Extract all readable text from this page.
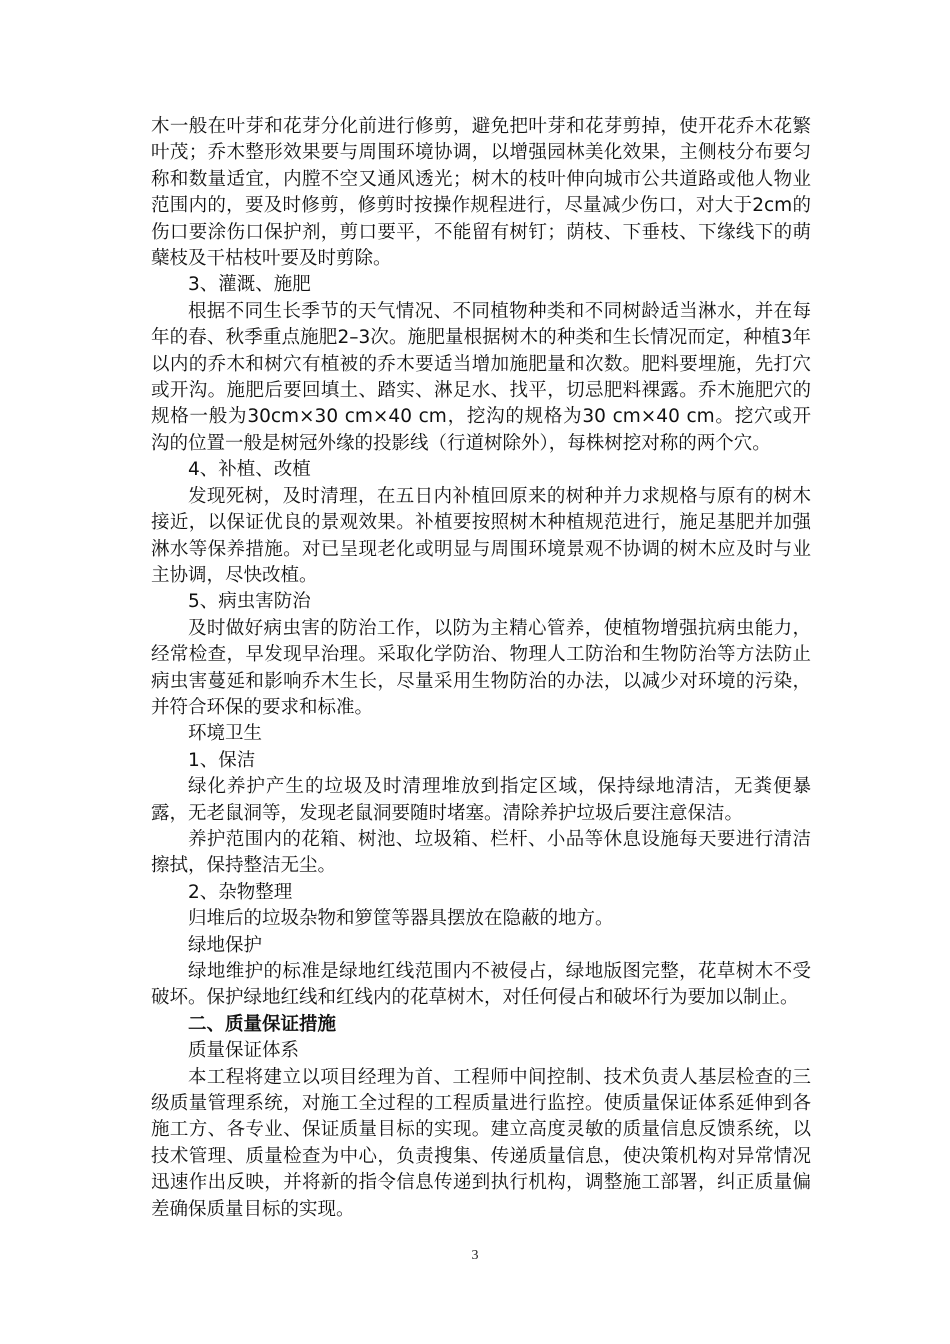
木一般在叶芽和花芽分化前进行修剪，避免把叶芽和花芽剪掉，使开花乔木花繁叶茂；乔木整形效果要与周围环境协调，以增强园林美化效果，主侧枝分布要匀称和数量适宜，内膛不空又通风透光；树木的枝叶伸向城市公共道路或他人物业范围内的，要及时修剪，修剪时按操作规程进行，尽量减少伤口，对大于2cm的伤口要涂伤口保护剂，剪口要平，不能留有树钉；荫枝、下垂枝、下缘线下的萌蘖枝及干枯枝叶要及时剪除。

3、灌溉、施肥

根据不同生长季节的天气情况、不同植物种类和不同树龄适当淋水，并在每年的春、秋季重点施肥2–3次。施肥量根据树木的种类和生长情况而定，种植3年以内的乔木和树穴有植被的乔木要适当增加施肥量和次数。肥料要埋施，先打穴或开沟。施肥后要回填土、踏实、淋足水、找平，切忌肥料裸露。乔木施肥穴的规格一般为30cm×30 cm×40 cm，挖沟的规格为30 cm×40 cm。挖穴或开沟的位置一般是树冠外缘的投影线（行道树除外），每株树挖对称的两个穴。

4、补植、改植

发现死树，及时清理，在五日内补植回原来的树种并力求规格与原有的树木接近，以保证优良的景观效果。补植要按照树木种植规范进行，施足基肥并加强淋水等保养措施。对已呈现老化或明显与周围环境景观不协调的树木应及时与业主协调，尽快改植。

5、病虫害防治

及时做好病虫害的防治工作，以防为主精心管养，使植物增强抗病虫能力，经常检查，早发现早治理。采取化学防治、物理人工防治和生物防治等方法防止病虫害蔓延和影响乔木生长，尽量采用生物防治的办法，以减少对环境的污染，并符合环保的要求和标准。

环境卫生

1、保洁

绿化养护产生的垃圾及时清理堆放到指定区域，保持绿地清洁，无粪便暴露，无老鼠洞等，发现老鼠洞要随时堵塞。清除养护垃圾后要注意保洁。

养护范围内的花箱、树池、垃圾箱、栏杆、小品等休息设施每天要进行清洁擦拭，保持整洁无尘。

2、杂物整理

归堆后的垃圾杂物和箩筐等器具摆放在隐蔽的地方。

绿地保护

绿地维护的标准是绿地红线范围内不被侵占，绿地版图完整，花草树木不受破坏。保护绿地红线和红线内的花草树木，对任何侵占和破坏行为要加以制止。

二、质量保证措施

质量保证体系

本工程将建立以项目经理为首、工程师中间控制、技术负责人基层检查的三级质量管理系统，对施工全过程的工程质量进行监控。使质量保证体系延伸到各施工方、各专业、保证质量目标的实现。建立高度灵敏的质量信息反馈系统，以技术管理、质量检查为中心，负责搜集、传递质量信息，使决策机构对异常情况迅速作出反映，并将新的指令信息传递到执行机构，调整施工部署，纠正质量偏差确保质量目标的实现。

3
